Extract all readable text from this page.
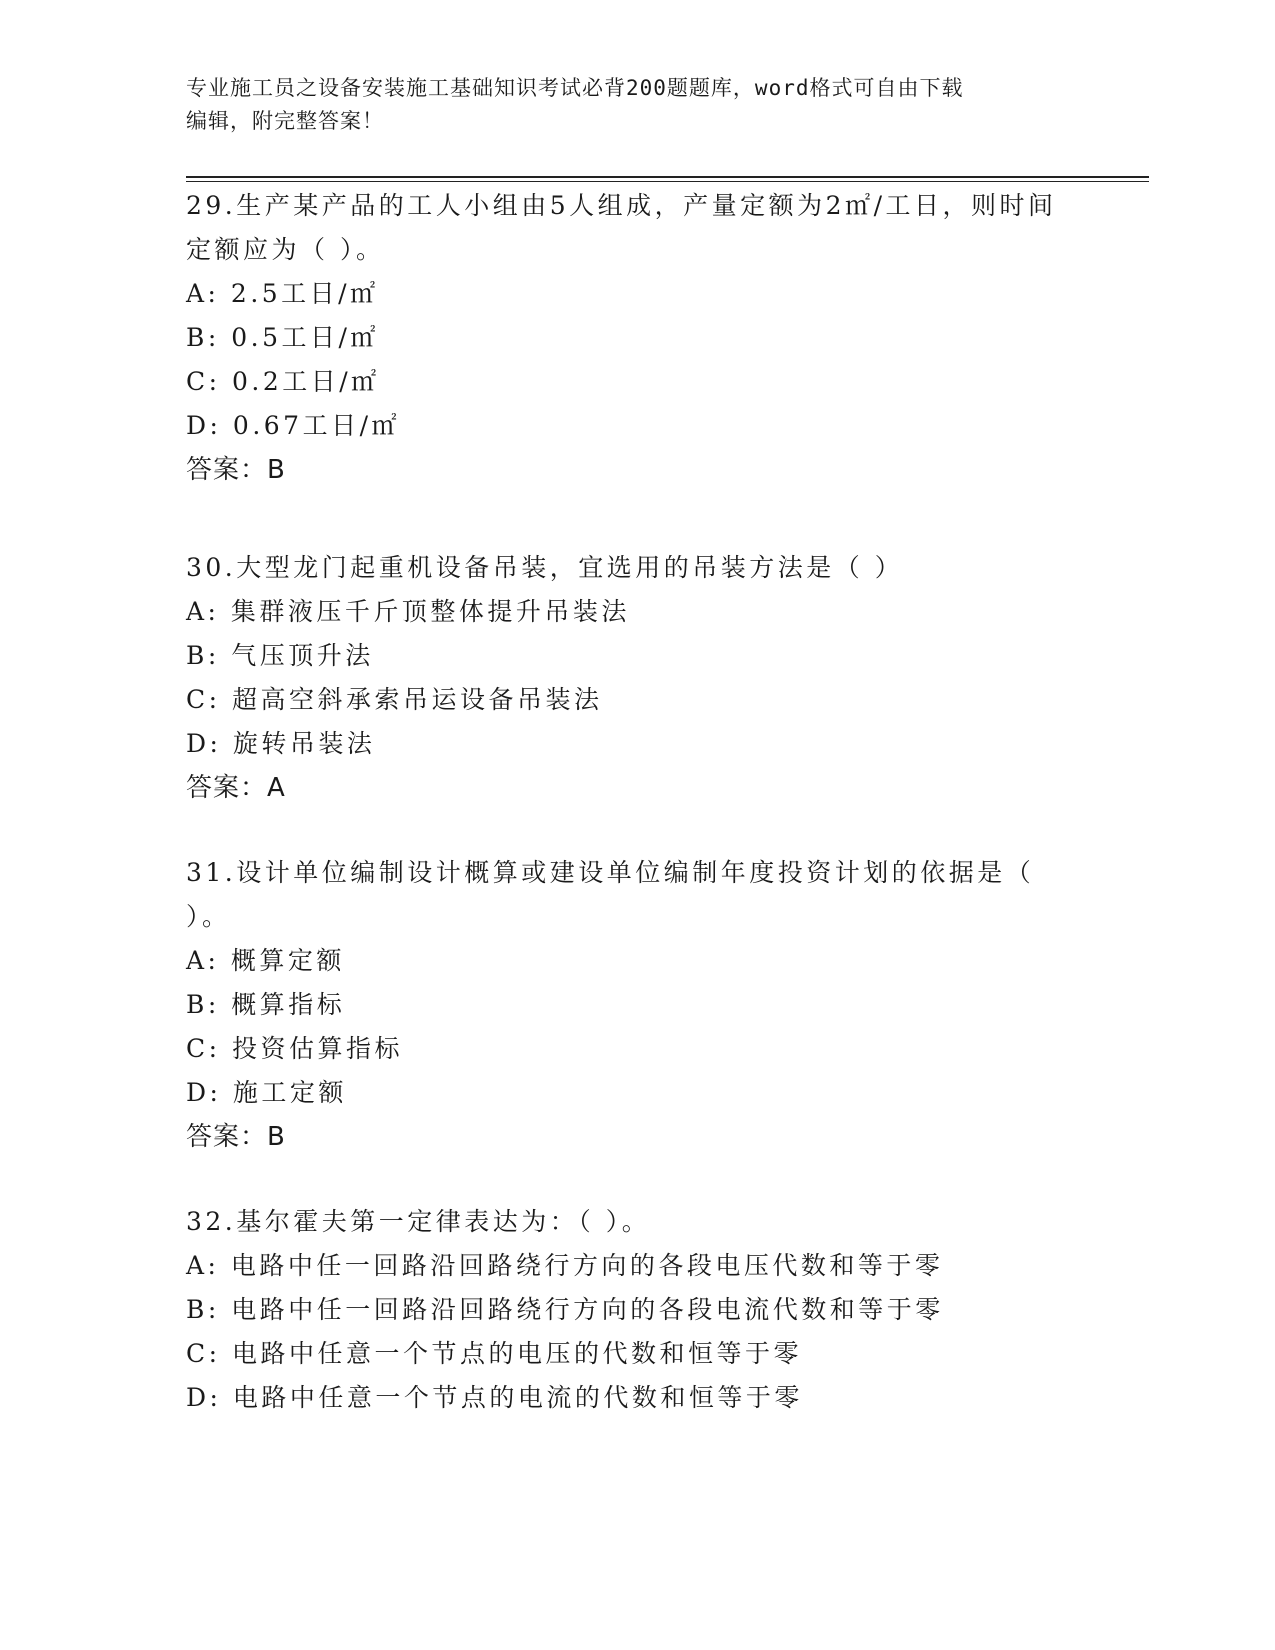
专业施工员之设备安装施工基础知识考试必背200题题库，word格式可自由下载
编辑，附完整答案！
29.生产某产品的工人小组由5人组成，产量定额为2㎡/工日，则时间
定额应为（ ）。
A: 2.5工日/㎡
B: 0.5工日/㎡
C: 0.2工日/㎡
D: 0.67工日/㎡
答案：B
30.大型龙门起重机设备吊装，宜选用的吊装方法是（ ）
A: 集群液压千斤顶整体提升吊装法
B: 气压顶升法
C: 超高空斜承索吊运设备吊装法
D: 旋转吊装法
答案：A
31.设计单位编制设计概算或建设单位编制年度投资计划的依据是（
）。
A: 概算定额
B: 概算指标
C: 投资估算指标
D: 施工定额
答案：B
32.基尔霍夫第一定律表达为：（ ）。
A: 电路中任一回路沿回路绕行方向的各段电压代数和等于零
B: 电路中任一回路沿回路绕行方向的各段电流代数和等于零
C: 电路中任意一个节点的电压的代数和恒等于零
D: 电路中任意一个节点的电流的代数和恒等于零
